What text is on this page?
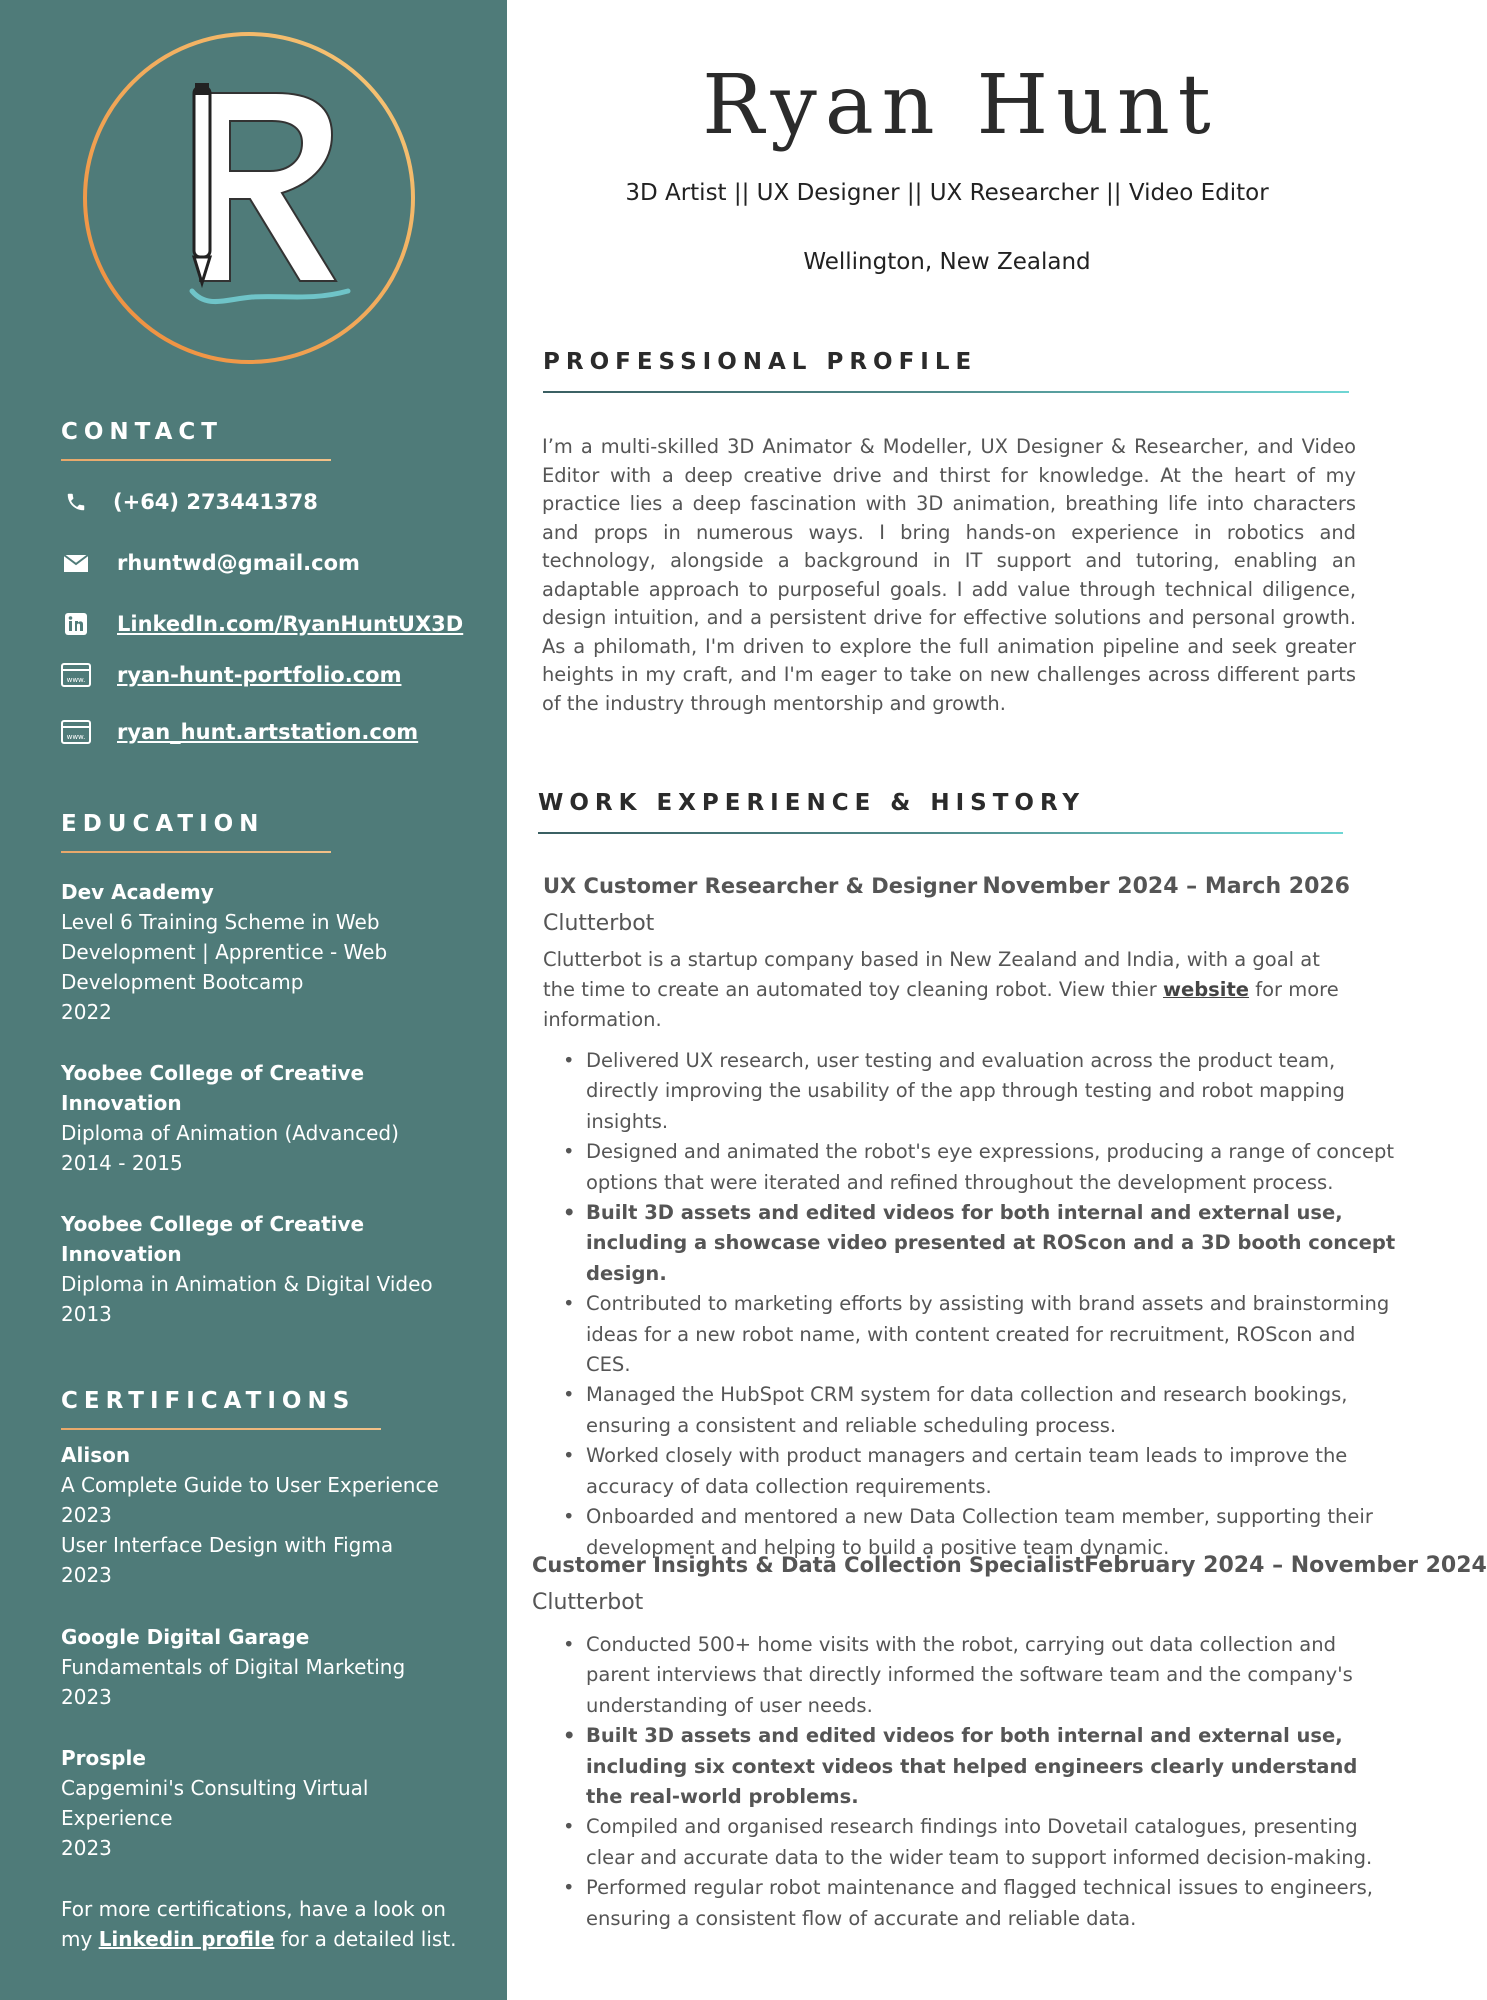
CONTACT
(+64) 273441378
rhuntwd@gmail.com
LinkedIn.com/RyanHuntUX3D
www. ryan-hunt-portfolio.com
www. ryan_hunt.artstation.com
EDUCATION
Dev Academy
Level 6 Training Scheme in Web
Development | Apprentice - Web
Development Bootcamp
2022
Yoobee College of Creative
Innovation
Diploma of Animation (Advanced)
2014 - 2015
Yoobee College of Creative
Innovation
Diploma in Animation & Digital Video
2013
CERTIFICATIONS
Alison
A Complete Guide to User Experience
2023
User Interface Design with Figma
2023
Google Digital Garage
Fundamentals of Digital Marketing
2023
Prosple
Capgemini's Consulting Virtual
Experience
2023
For more certifications, have a look on
my Linkedin profile for a detailed list.
Ryan Hunt
3D Artist || UX Designer || UX Researcher || Video Editor
Wellington, New Zealand
PROFESSIONAL PROFILE

I’m a multi-skilled 3D Animator & Modeller, UX Designer & Researcher, and Video Editor with a deep creative drive and thirst for knowledge. At the heart of my practice lies a deep fascination with 3D animation, breathing life into characters and props in numerous ways. I bring hands-on experience in robotics and technology, alongside a background in IT support and tutoring, enabling an adaptable approach to purposeful goals. I add value through technical diligence, design intuition, and a persistent drive for effective solutions and personal growth. As a philomath, I'm driven to explore the full animation pipeline and seek greater heights in my craft, and I'm eager to take on new challenges across different parts of the industry through mentorship and growth.

WORK EXPERIENCE & HISTORY
UX Customer Researcher & Designer November 2024 – March 2026
Clutterbot

Clutterbot is a startup company based in New Zealand and India, with a goal at the time to create an automated toy cleaning robot. View thier website for more information.

• Delivered UX research, user testing and evaluation across the product team, directly improving the usability of the app through testing and robot mapping insights.
• Designed and animated the robot's eye expressions, producing a range of concept options that were iterated and refined throughout the development process.
• Built 3D assets and edited videos for both internal and external use, including a showcase video presented at ROScon and a 3D booth concept design.
• Contributed to marketing efforts by assisting with brand assets and brainstorming ideas for a new robot name, with content created for recruitment, ROScon and CES.
• Managed the HubSpot CRM system for data collection and research bookings, ensuring a consistent and reliable scheduling process.
• Worked closely with product managers and certain team leads to improve the accuracy of data collection requirements.
• Onboarded and mentored a new Data Collection team member, supporting their development and helping to build a positive team dynamic.
Customer Insights & Data Collection Specialist February 2024 – November 2024
Clutterbot
• Conducted 500+ home visits with the robot, carrying out data collection and parent interviews that directly informed the software team and the company's understanding of user needs.
• Built 3D assets and edited videos for both internal and external use, including six context videos that helped engineers clearly understand the real-world problems.
• Compiled and organised research findings into Dovetail catalogues, presenting clear and accurate data to the wider team to support informed decision-making.
• Performed regular robot maintenance and flagged technical issues to engineers, ensuring a consistent flow of accurate and reliable data.
